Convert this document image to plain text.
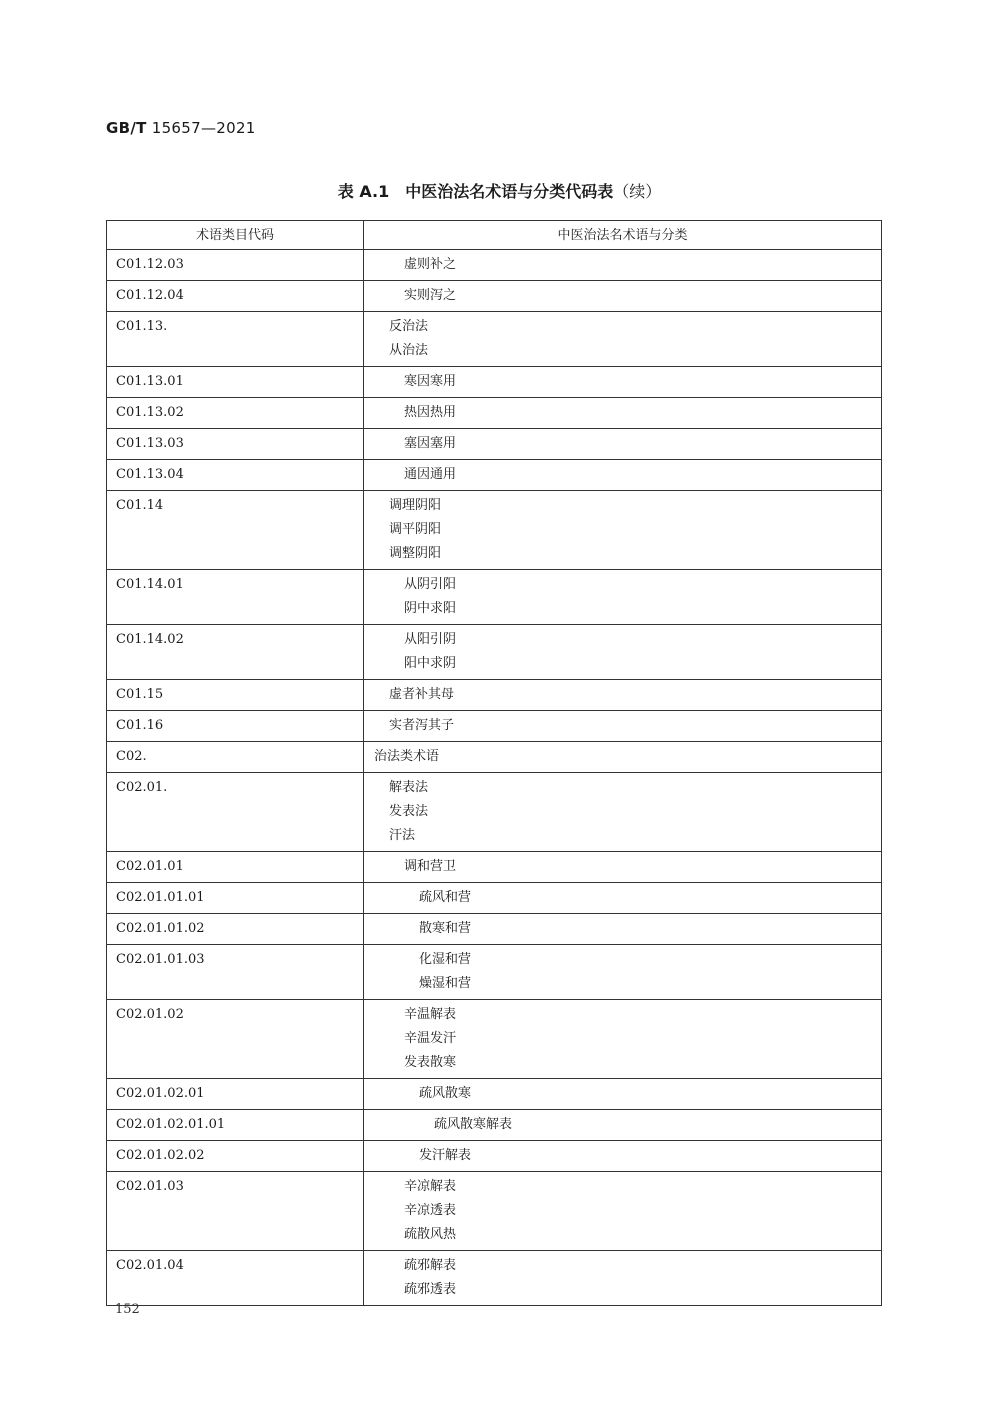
GB/T 15657—2021
表 A.1　中医治法名术语与分类代码表（续）
术语类目代码	中医治法名术语与分类
C01.12.03	虚则补之

C01.12.04	实则泻之

C01.13.	反治法
从治法

C01.13.01	寒因寒用

C01.13.02	热因热用

C01.13.03	塞因塞用

C01.13.04	通因通用

C01.14	调理阴阳
调平阴阳
调整阴阳

C01.14.01	从阴引阳
阴中求阳

C01.14.02	从阳引阴
阳中求阴

C01.15	虚者补其母

C01.16	实者泻其子

C02.	治法类术语

C02.01.	解表法
发表法
汗法

C02.01.01	调和营卫

C02.01.01.01	疏风和营

C02.01.01.02	散寒和营

C02.01.01.03	化湿和营
燥湿和营

C02.01.02	辛温解表
辛温发汗
发表散寒

C02.01.02.01	疏风散寒

C02.01.02.01.01	疏风散寒解表

C02.01.02.02	发汗解表

C02.01.03	辛凉解表
辛凉透表
疏散风热

C02.01.04	疏邪解表
疏邪透表
152
